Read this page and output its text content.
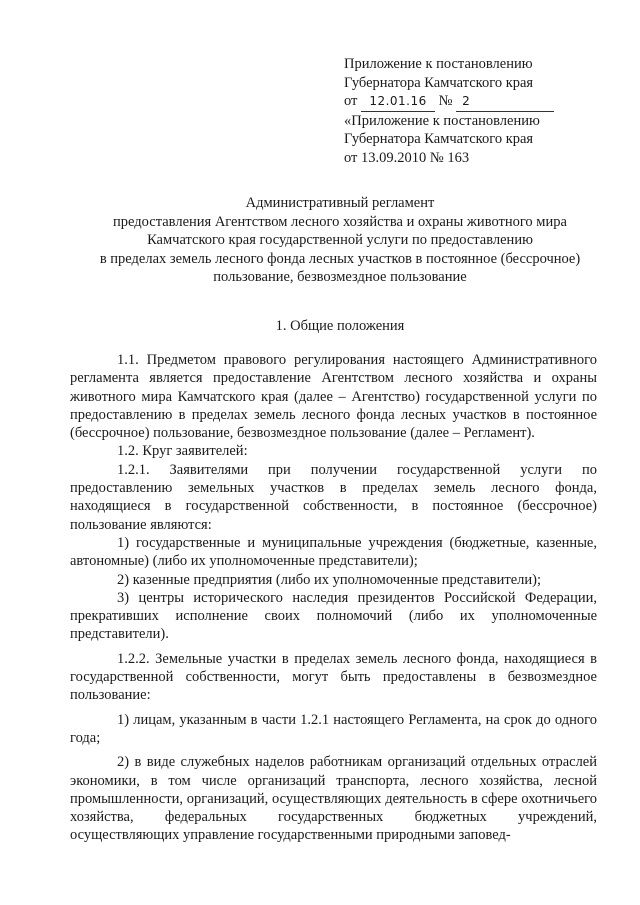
Приложение к постановлению
Губернатора Камчатского края
от 12.01.16 № 2
«Приложение к постановлению
Губернатора Камчатского края
от 13.09.2010 № 163
Административный регламент
предоставления Агентством лесного хозяйства и охраны животного мира
Камчатского края государственной услуги по предоставлению
в пределах земель лесного фонда лесных участков в постоянное (бессрочное)
пользование, безвозмездное пользование
1. Общие положения

1.1. Предметом правового регулирования настоящего Административного регламента является предоставление Агентством лесного хозяйства и охраны животного мира Камчатского края (далее – Агентство) государственной услуги по предоставлению в пределах земель лесного фонда лесных участков в постоянное (бессрочное) пользование, безвозмездное пользование (далее – Регламент).

1.2. Круг заявителей:

1.2.1. Заявителями при получении государственной услуги по предоставлению земельных участков в пределах земель лесного фонда, находящиеся в государственной собственности, в постоянное (бессрочное) пользование являются:

1) государственные и муниципальные учреждения (бюджетные, казенные, автономные) (либо их уполномоченные представители);

2) казенные предприятия (либо их уполномоченные представители);

3) центры исторического наследия президентов Российской Федерации, прекративших исполнение своих полномочий (либо их уполномоченные представители).

1.2.2. Земельные участки в пределах земель лесного фонда, находящиеся в государственной собственности, могут быть предоставлены в безвозмездное пользование:

1) лицам, указанным в части 1.2.1 настоящего Регламента, на срок до одного года;

2) в виде служебных наделов работникам организаций отдельных отраслей экономики, в том числе организаций транспорта, лесного хозяйства, лесной промышленности, организаций, осуществляющих деятельность в сфере охотничьего хозяйства, федеральных государственных бюджетных учреждений, осуществляющих управление государственными природными заповед-
